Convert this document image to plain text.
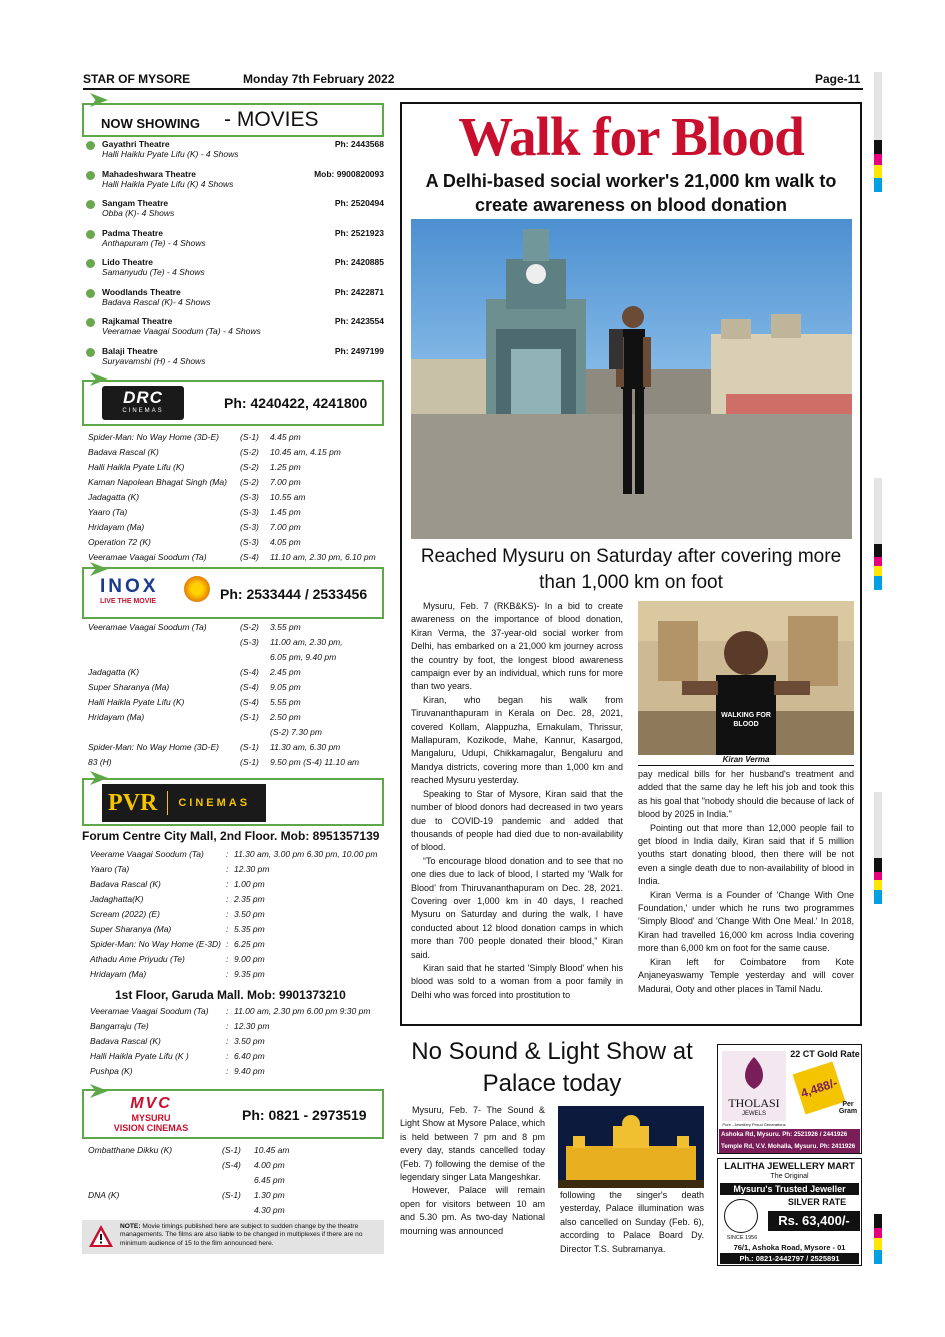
STAR OF MYSORE	Monday 7th February 2022	Page-11
NOW SHOWING - MOVIES
Gayathri Theatre	Ph: 2443568
Halli Haiklu Pyate Lifu (K) - 4 Shows
Mahadeshwara Theatre	Mob: 9900820093
Halli Haikla Pyate Lifu (K) 4 Shows
Sangam Theatre	Ph: 2520494
Obba (K)- 4 Shows
Padma Theatre	Ph: 2521923
Anthapuram (Te) - 4 Shows
Lido Theatre	Ph: 2420885
Samanyudu (Te) - 4 Shows
Woodlands Theatre	Ph: 2422871
Badava Rascal (K)- 4 Shows
Rajkamal Theatre	Ph: 2423554
Veeramae Vaagai Soodum (Ta) - 4 Shows
Balaji Theatre	Ph: 2497199
Suryavamshi (H) - 4 Shows
DRC
CINEMAS	Ph: 4240422, 4241800
Spider-Man: No Way Home (3D-E)	(S-1)	4.45 pm
Badava Rascal (K)	(S-2)	10.45 am, 4.15 pm
Halli Haikla Pyate Lifu (K)	(S-2)	1.25 pm
Kaman Napolean Bhagat Singh (Ma)	(S-2)	7.00 pm
Jadagatta (K)	(S-3)	10.55 am
Yaaro (Ta)	(S-3)	1.45 pm
Hridayam (Ma)	(S-3)	7.00 pm
Operation 72 (K)	(S-3)	4.05 pm
Veeramae Vaagai Soodum (Ta)	(S-4)	11.10 am, 2.30 pm, 6.10 pm
INOX
LIVE THE MOVIE	Ph: 2533444 / 2533456
Veeramae Vaagai Soodum (Ta)	(S-2)	3.55 pm
(S-3)	11.00 am, 2.30 pm,
6.05 pm, 9.40 pm
Jadagatta (K)	(S-4)	2.45 pm
Super Sharanya (Ma)	(S-4)	9.05 pm
Halli Haikla Pyate Lifu (K)	(S-4)	5.55 pm
Hridayam (Ma)	(S-1)	2.50 pm
(S-2) 7.30 pm
Spider-Man: No Way Home (3D-E)	(S-1)	11.30 am, 6.30 pm
83 (H)	(S-1)	9.50 pm (S-4) 11.10 am
PVR CINEMAS
Forum Centre City Mall, 2nd Floor. Mob: 8951357139
Veerame Vaagai Soodum (Ta)	: 11.30 am, 3.00 pm 6.30 pm, 10.00 pm
Yaaro (Ta)	: 12.30 pm
Badava Rascal (K)	: 1.00 pm
Jadaghatta(K)	: 2.35 pm
Scream (2022) (E)	: 3.50 pm
Super Sharanya (Ma)	: 5.35 pm
Spider-Man: No Way Home (E-3D) : 6.25 pm
Athadu Ame Priyudu (Te)	: 9.00 pm
Hridayam (Ma)	: 9.35 pm
1st Floor, Garuda Mall. Mob: 9901373210
Veeramae Vaagai Soodum (Ta)	: 11.00 am, 2.30 pm 6.00 pm 9:30 pm
Bangarraju (Te)	: 12.30 pm
Badava Rascal (K)	: 3.50 pm
Halli Haikla Pyate Lifu (K )	: 6.40 pm
Pushpa (K)	: 9.40 pm
MVC
MYSURU
VISION CINEMAS
Ph: 0821 - 2973519
Ombatthane Dikku (K)	(S-1)	10.45 am
(S-4)	4.00 pm
6.45 pm
DNA (K)	(S-1)	1.30 pm
4.30 pm
NOTE: Movie timings published here are subject to sudden change by the theatre managements. The films are also liable to be changed in multiplexes if there are no minimum audience of 15 to the film announced here.
Walk for Blood
A Delhi-based social worker's 21,000 km walk to create awareness on blood donation
Reached Mysuru on Saturday after covering more than 1,000 km on foot
WALKING FOR BLOOD
Kiran Verma

Mysuru, Feb. 7 (RKB&KS)- In a bid to create awareness on the importance of blood donation, Kiran Verma, the 37-year-old social worker from Delhi, has embarked on a 21,000 km journey across the country by foot, the longest blood awareness campaign ever by an individual, which runs for more than two years.

Kiran, who began his walk from Tiruvananthapuram in Kerala on Dec. 28, 2021, covered Kollam, Alappuzha, Ernakulam, Thrissur, Mallapuram, Kozikode, Mahe, Kannur, Kasargod, Mangaluru, Udupi, Chikkamagalur, Bengaluru and Mandya districts, covering more than 1,000 km and reached Mysuru yesterday.

Speaking to Star of Mysore, Kiran said that the number of blood donors had decreased in two years due to COVID-19 pandemic and added that thousands of people had died due to non-availability of blood.

“To encourage blood donation and to see that no one dies due to lack of blood, I started my ‘Walk for Blood’ from Thiruvananthapuram on Dec. 28, 2021. Covering over 1,000 km in 40 days, I reached Mysuru on Saturday and during the walk, I have conducted about 12 blood donation camps in which more than 700 people donated their blood,” Kiran said.

Kiran said that he started 'Simply Blood' when his blood was sold to a woman from a poor family in Delhi who was forced into prostitution to

pay medical bills for her husband's treatment and added that the same day he left his job and took this as his goal that "nobody should die because of lack of blood by 2025 in India."

Pointing out that more than 12,000 people fail to get blood in India daily, Kiran said that if 5 million youths start donating blood, then there will be not even a single death due to non-availability of blood in India.

Kiran Verma is a Founder of 'Change With One Foundation,' under which he runs two programmes 'Simply Blood' and 'Change With One Meal.' In 2018, Kiran had travelled 16,000 km across India covering more than 6,000 km on foot for the same cause.

Kiran left for Coimbatore from Kote Anjaneyaswamy Temple yesterday and will cover Madurai, Ooty and other places in Tamil Nadu.

No Sound & Light Show at Palace today

Mysuru, Feb. 7- The Sound & Light Show at Mysore Palace, which is held between 7 pm and 8 pm every day, stands cancelled today (Feb. 7) following the demise of the legendary singer Lata Mangeshkar.

However, Palace will remain open for visitors between 10 am and 5.30 pm. As two-day National mourning was announced

following the singer's death yesterday, Palace illumination was also cancelled on Sunday (Feb. 6), according to Palace Board Dy. Director T.S. Subramanya.
22 CT Gold Rate
THOLASI
JEWELS
Pure...Jewellery Proud Generations
4,488/-
Per Gram
Ashoka Rd, Mysuru. Ph: 2521926 / 2441926
Temple Rd, V.V. Mohalla, Mysuru. Ph: 2411926
LALITHA JEWELLERY MART
The Original
Mysuru's Trusted Jeweller
SILVER RATE
SINCE 1956
Rs. 63,400/-
76/1, Ashoka Road, Mysore - 01
Ph.: 0821-2442797 / 2525891
